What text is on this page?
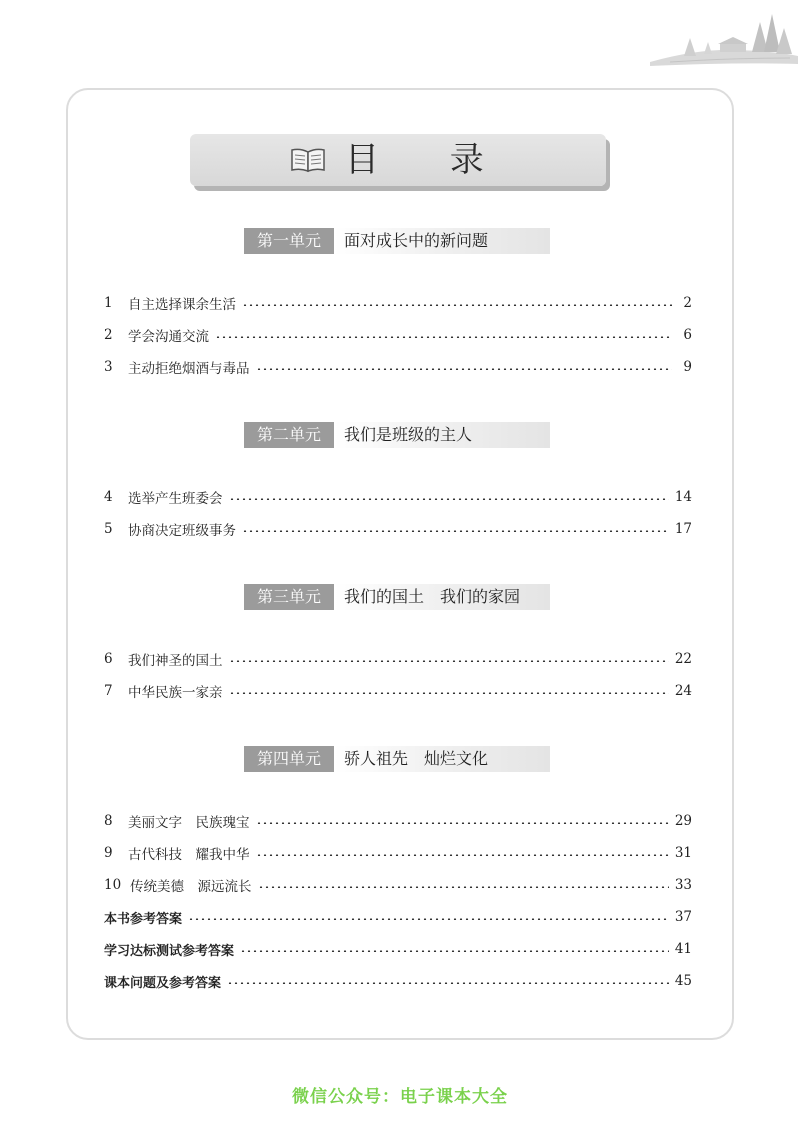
目 录
第一单元	面对成长中的新问题
1	自主选择课余生活	2
2	学会沟通交流	6
3	主动拒绝烟酒与毒品	9
第二单元	我们是班级的主人
4	选举产生班委会	14
5	协商决定班级事务	17
第三单元	我们的国土　我们的家园
6	我们神圣的国土	22
7	中华民族一家亲	24
第四单元	骄人祖先　灿烂文化
8	美丽文字　民族瑰宝	29
9	古代科技　耀我中华	31
10 传统美德　源远流长	33
本书参考答案	37
学习达标测试参考答案	41
课本问题及参考答案	45
微信公众号：电子课本大全
